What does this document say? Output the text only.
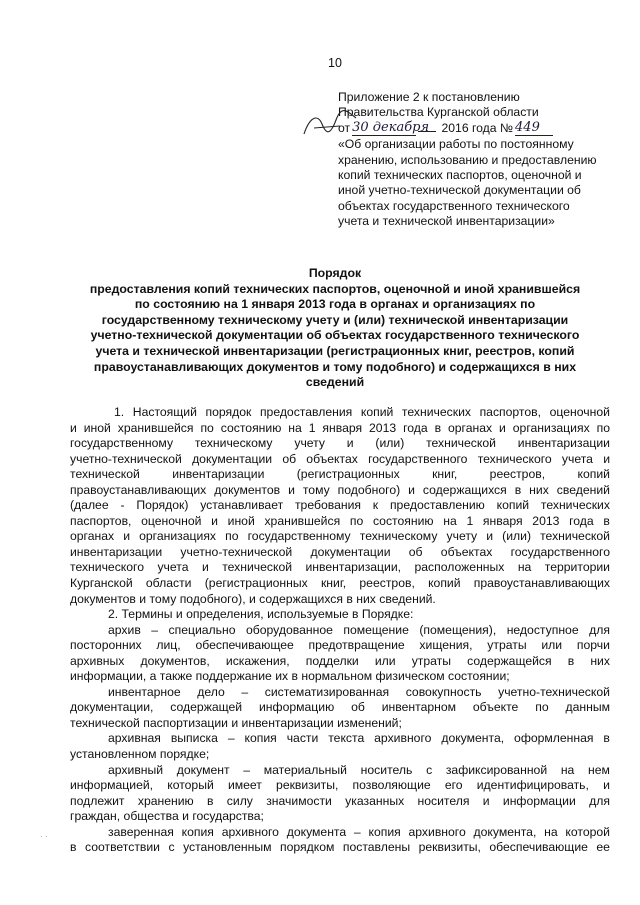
10
Приложение 2 к постановлению
Правительства Курганской области
от 30 декабря 2016 года № 449
«Об организации работы по постоянному
хранению, использованию и предоставлению
копий технических паспортов, оценочной и
иной учетно-технической документации об
объектах государственного технического
учета и технической инвентаризации»
Порядок
предоставления копий технических паспортов, оценочной и иной хранившейся
по состоянию на 1 января 2013 года в органах и организациях по
государственному техническому учету и (или) технической инвентаризации
учетно-технической документации об объектах государственного технического
учета и технической инвентаризации (регистрационных книг, реестров, копий
правоустанавливающих документов и тому подобного) и содержащихся в них
сведений
1. Настоящий порядок предоставления копий технических паспортов, оценочной
и иной хранившейся по состоянию на 1 января 2013 года в органах и организациях по
государственному техническому учету и (или) технической инвентаризации
учетно-технической документации об объектах государственного технического учета и
технической	инвентаризации	(регистрационных	книг,	реестров,	копий
правоустанавливающих документов и тому подобного) и содержащихся в них сведений
(далее - Порядок) устанавливает требования к предоставлению копий технических
паспортов, оценочной и иной хранившейся по состоянию на 1 января 2013 года в
органах и организациях по государственному техническому учету и (или) технической
инвентаризации учетно-технической документации об объектах государственного
технического учета и технической инвентаризации, расположенных на территории
Курганской области (регистрационных книг, реестров, копий правоустанавливающих
документов и тому подобного), и содержащихся в них сведений.
2. Термины и определения, используемые в Порядке:
архив – специально оборудованное помещение (помещения), недоступное для
посторонних лиц, обеспечивающее предотвращение хищения, утраты или порчи
архивных документов, искажения, подделки или утраты содержащейся в них
информации, а также поддержание их в нормальном физическом состоянии;
инвентарное дело – систематизированная совокупность учетно-технической
документации, содержащей информацию об инвентарном объекте по данным
технической паспортизации и инвентаризации изменений;
архивная выписка – копия части текста архивного документа, оформленная в
установленном порядке;
архивный документ – материальный носитель с зафиксированной на нем
информацией, который имеет реквизиты, позволяющие его идентифицировать, и
подлежит хранению в силу значимости указанных носителя и информации для
граждан, общества и государства;
заверенная копия архивного документа – копия архивного документа, на которой
в соответствии с установленным порядком поставлены реквизиты, обеспечивающие ее
· ·
